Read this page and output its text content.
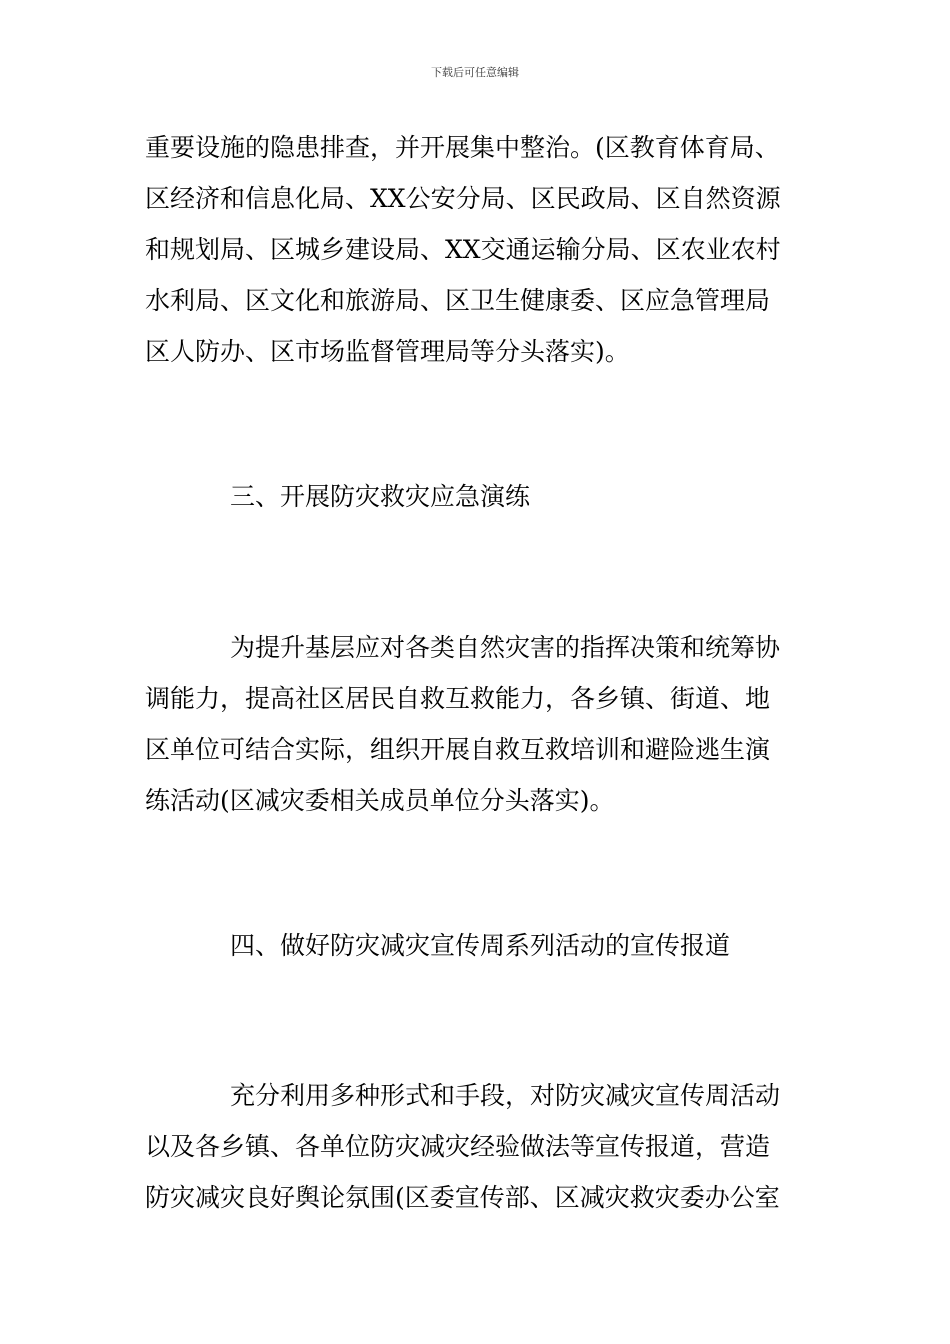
下载后可任意编辑
重要设施的隐患排查，并开展集中整治。(区教育体育局、
区经济和信息化局、XX公安分局、区民政局、区自然资源
和规划局、区城乡建设局、XX交通运输分局、区农业农村
水利局、区文化和旅游局、区卫生健康委、区应急管理局
区人防办、区市场监督管理局等分头落实)。
三、开展防灾救灾应急演练
为提升基层应对各类自然灾害的指挥决策和统筹协
调能力，提高社区居民自救互救能力，各乡镇、街道、地
区单位可结合实际，组织开展自救互救培训和避险逃生演
练活动(区减灾委相关成员单位分头落实)。
四、做好防灾减灾宣传周系列活动的宣传报道
充分利用多种形式和手段，对防灾减灾宣传周活动
以及各乡镇、各单位防灾减灾经验做法等宣传报道，营造
防灾减灾良好舆论氛围(区委宣传部、区减灾救灾委办公室
